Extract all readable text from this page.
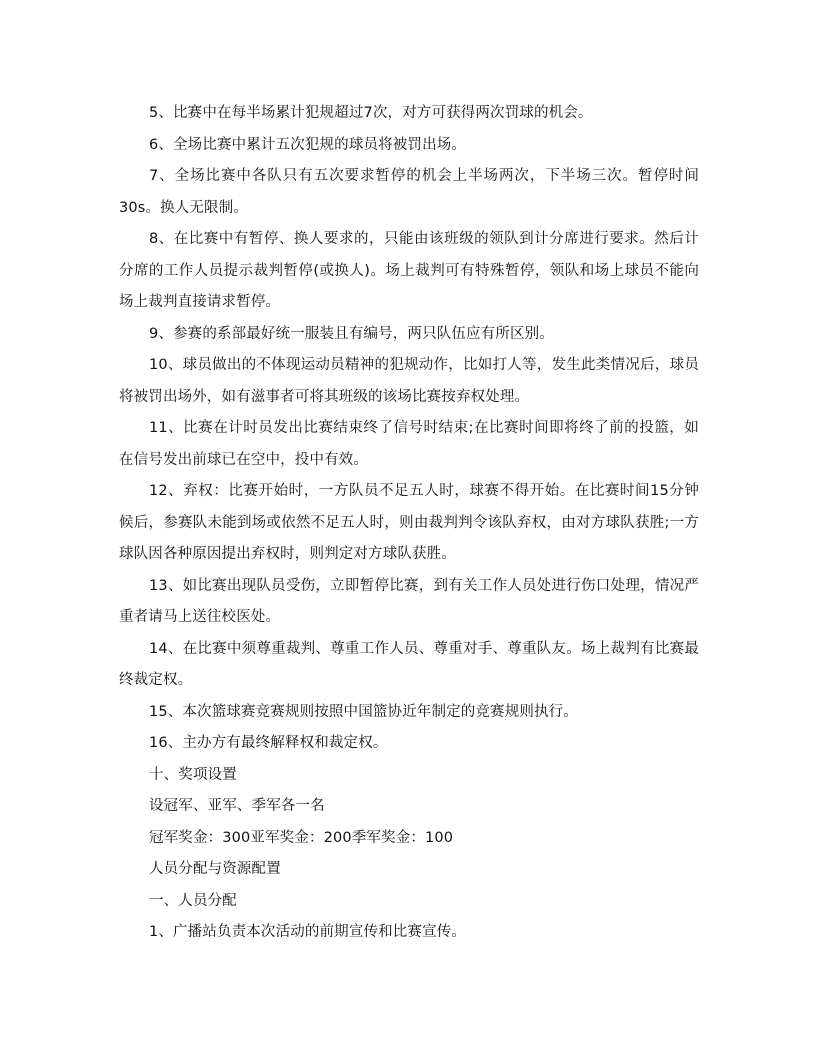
5、比赛中在每半场累计犯规超过7次，对方可获得两次罚球的机会。

6、全场比赛中累计五次犯规的球员将被罚出场。

7、全场比赛中各队只有五次要求暂停的机会上半场两次，下半场三次。暂停时间30s。换人无限制。

8、在比赛中有暂停、换人要求的，只能由该班级的领队到计分席进行要求。然后计分席的工作人员提示裁判暂停(或换人)。场上裁判可有特殊暂停，领队和场上球员不能向场上裁判直接请求暂停。

9、参赛的系部最好统一服装且有编号，两只队伍应有所区别。

10、球员做出的不体现运动员精神的犯规动作，比如打人等，发生此类情况后，球员将被罚出场外，如有滋事者可将其班级的该场比赛按弃权处理。

11、比赛在计时员发出比赛结束终了信号时结束;在比赛时间即将终了前的投篮，如在信号发出前球已在空中，投中有效。

12、弃权：比赛开始时，一方队员不足五人时，球赛不得开始。在比赛时间15分钟候后，参赛队未能到场或依然不足五人时，则由裁判判令该队弃权，由对方球队获胜;一方球队因各种原因提出弃权时，则判定对方球队获胜。

13、如比赛出现队员受伤，立即暂停比赛，到有关工作人员处进行伤口处理，情况严重者请马上送往校医处。

14、在比赛中须尊重裁判、尊重工作人员、尊重对手、尊重队友。场上裁判有比赛最终裁定权。

15、本次篮球赛竞赛规则按照中国篮协近年制定的竞赛规则执行。

16、主办方有最终解释权和裁定权。

十、奖项设置

设冠军、亚军、季军各一名

冠军奖金：300亚军奖金：200季军奖金：100

人员分配与资源配置

一、人员分配

1、广播站负责本次活动的前期宣传和比赛宣传。
